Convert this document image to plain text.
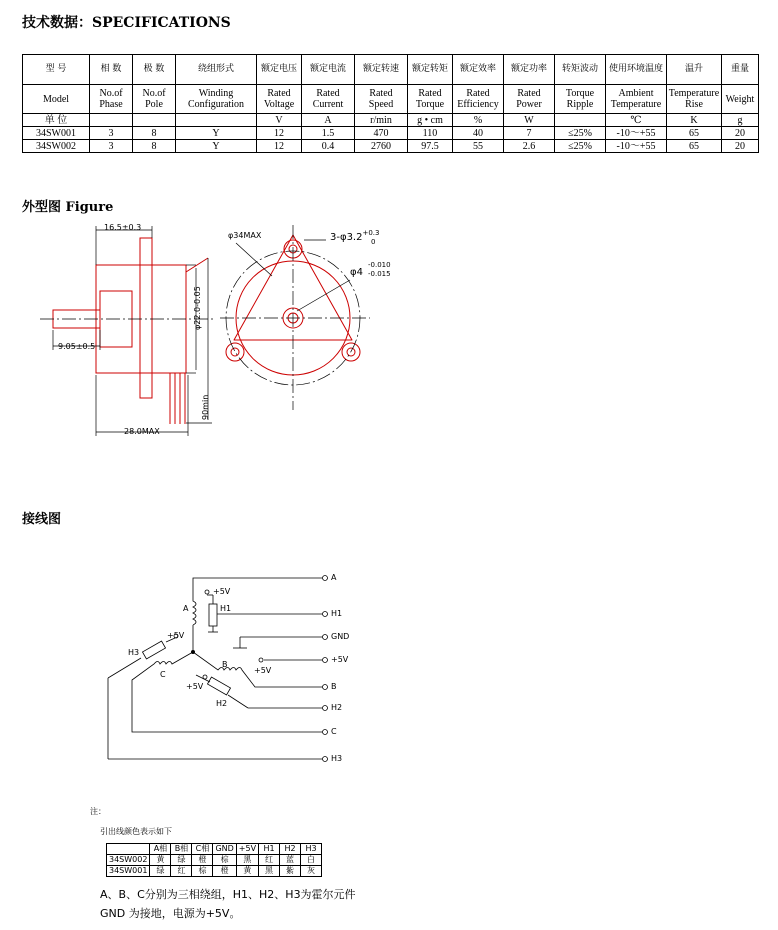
技术数据：SPECIFICATIONS
型 号	相 数	极 数	绕组形式	额定电压	额定电流	额定转速	额定转矩	额定效率	额定功率	转矩波动	使用环境温度	温升	重量
Model	No.of Phase	No.of Pole	Winding Configuration	Rated Voltage	Rated Current	Rated Speed	Rated Torque	Rated Efficiency	Rated Power	Torque Ripple	Ambient Temperature	Temperature Rise	Weight
单 位				V	A	r/min	g • cm	%	W		℃	K	g
34SW001	3	8	Y	12	1.5	470	110	40	7	≤25%	-10～+55	65	20
34SW002	3	8	Y	12	0.4	2760	97.5	55	2.6	≤25%	-10～+55	65	20
外型图 Figure
16.5±0.3
9.05±0.5
φ22.0-0.05
90min
28.0MAX
φ34MAX	$3-\varphi 3.2^{+0.3}$
0
φ4
-0.010
-0.015
接线图
A
H1
GND
+5V
B
H2
C
H3
A
B
C
H1
H2
H3
+5V
+5V
+5V
+5V
注：
引出线颜色表示如下
	A相	B相	C相	GND	+5V	H1	H2	H3
34SW002	黄	绿	橙	棕	黑	红	蓝	白
34SW001	绿	红	棕	橙	黄	黑	紫	灰
A、B、C分别为三相绕组，H1、H2、H3为霍尔元件
GND 为接地，电源为+5V。
